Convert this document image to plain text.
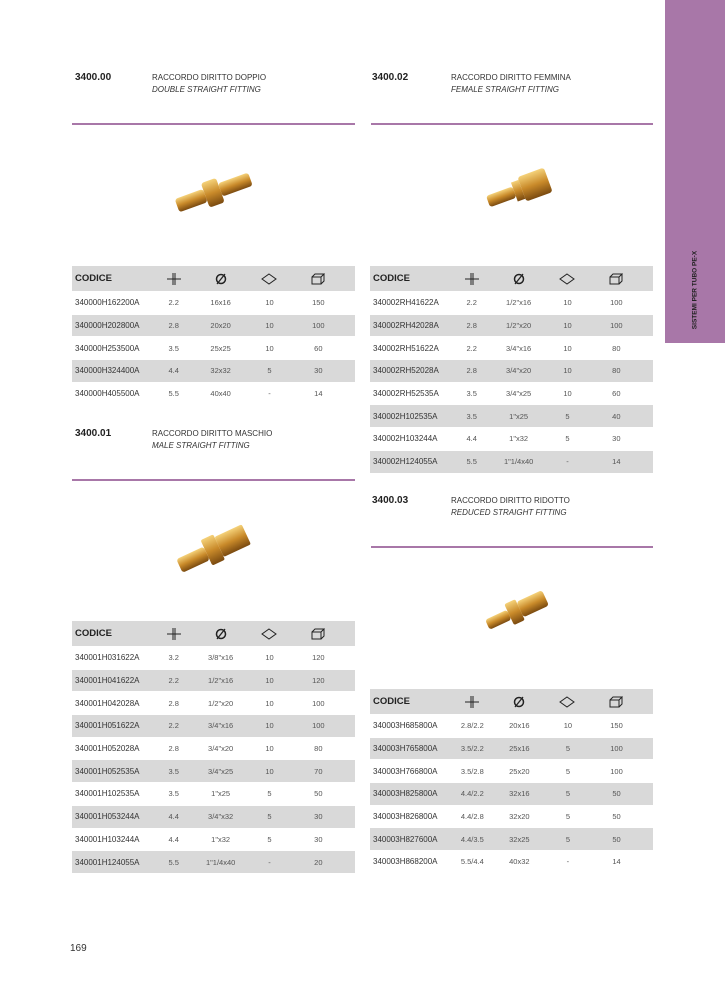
SISTEMI PER TUBO PE-X
3400.00	RACCORDO DIRITTO DOPPIO
DOUBLE STRAIGHT FITTING
3400.02	RACCORDO DIRITTO FEMMINA
FEMALE STRAIGHT FITTING
3400.01	RACCORDO DIRITTO MASCHIO
MALE STRAIGHT FITTING
3400.03	RACCORDO DIRITTO RIDOTTO
REDUCED STRAIGHT FITTING
CODICE
340000H162200A	2.2	16x16	10	150
340000H202800A	2.8	20x20	10	100
340000H253500A	3.5	25x25	10	60
340000H324400A	4.4	32x32	5	30
340000H405500A	5.5	40x40	-	14
CODICE
340002RH41622A	2.2	1/2"x16	10	100
340002RH42028A	2.8	1/2"x20	10	100
340002RH51622A	2.2	3/4"x16	10	80
340002RH52028A	2.8	3/4"x20	10	80
340002RH52535A	3.5	3/4"x25	10	60
340002H102535A	3.5	1"x25	5	40
340002H103244A	4.4	1"x32	5	30
340002H124055A	5.5	1"1/4x40	-	14
CODICE
340001H031622A	3.2	3/8"x16	10	120
340001H041622A	2.2	1/2"x16	10	120
340001H042028A	2.8	1/2"x20	10	100
340001H051622A	2.2	3/4"x16	10	100
340001H052028A	2.8	3/4"x20	10	80
340001H052535A	3.5	3/4"x25	10	70
340001H102535A	3.5	1"x25	5	50
340001H053244A	4.4	3/4"x32	5	30
340001H103244A	4.4	1"x32	5	30
340001H124055A	5.5	1"1/4x40	-	20
CODICE
340003H685800A	2.8/2.2	20x16	10	150
340003H765800A	3.5/2.2	25x16	5	100
340003H766800A	3.5/2.8	25x20	5	100
340003H825800A	4.4/2.2	32x16	5	50
340003H826800A	4.4/2.8	32x20	5	50
340003H827600A	4.4/3.5	32x25	5	50
340003H868200A	5.5/4.4	40x32	-	14
169
